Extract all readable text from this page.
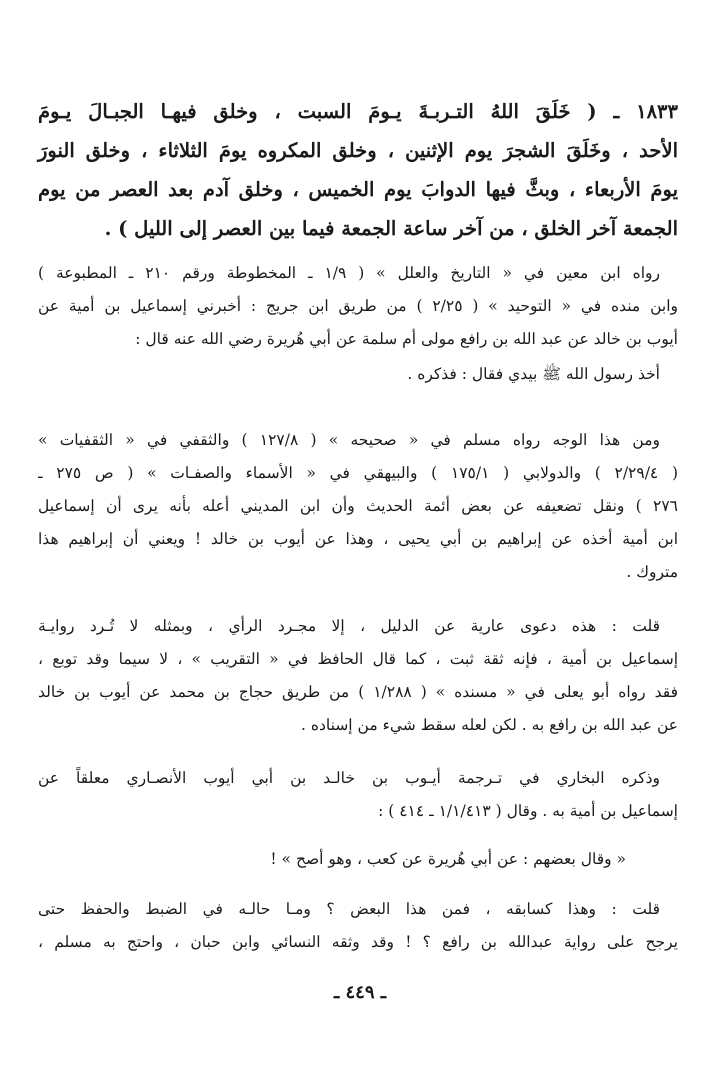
١٨٣٣ ـ ( خَلَقَ اللهُ التـربـةَ يـومَ السبت ، وخلق فيهـا الجبـالَ يـومَ
الأحد ، وخَلَقَ الشجرَ يوم الإثنين ، وخلق المكروه يومَ الثلاثاء ، وخلق النورَ
يومَ الأربعاء ، وبثَّ فيها الدوابَ يوم الخميس ، وخلق آدم بعد العصر من يوم
الجمعة آخر الخلق ، من آخر ساعة الجمعة فيما بين العصر إلى الليل ) .

رواه ابن معين في « التاريخ والعلل » ( ١/٩ ـ المخطوطة ورقم ٢١٠ ـ المطبوعة )
وابن منده في « التوحيد » ( ٢/٢٥ ) من طريق ابن جريج : أخبرني إسماعيل بن أمية عن
أيوب بن خالد عن عبد الله بن رافع مولى أم سلمة عن أبي هُريرة رضي الله عنه قال :
أخذ رسول الله ﷺ بيدي فقال : فذكره .
ومن هذا الوجه رواه مسلم في « صحيحه » ( ١٢٧/٨ ) والثقفي في « الثقفيات »
( ٢/٢٩/٤ ) والدولابي ( ١٧٥/١ ) والبيهقي في « الأسماء والصفـات » ( ص ٢٧٥ ـ
٢٧٦ ) ونقل تضعيفه عن بعض أئمة الحديث وأن ابن المديني أعله بأنه يرى أن إسماعيل
ابن أمية أخذه عن إبراهيم بن أبي يحيى ، وهذا عن أيوب بن خالد ! ويعني أن إبراهيم هذا
متروك .
قلت : هذه دعوى عارية عن الدليل ، إلا مجـرد الرأي ، وبمثله لا تُـرد روايـة
إسماعيل بن أمية ، فإنه ثقة ثبت ، كما قال الحافظ في « التقريب » ، لا سيما وقد توبع ،
فقد رواه أبو يعلى في « مسنده » ( ١/٢٨٨ ) من طريق حجاج بن محمد عن أيوب بن خالد
عن عبد الله بن رافع به . لكن لعله سقط شيء من إسناده .
وذكره البخاري في تـرجمة أيـوب بن خالـد بن أبي أيوب الأنصـاري معلقاً عن
إسماعيل بن أمية به . وقال ( ١/١/٤١٣ ـ ٤١٤ ) :
« وقال بعضهم : عن أبي هُريرة عن كعب ، وهو أصح » !
قلت : وهذا كسابقه ، فمن هذا البعض ؟ ومـا حالـه في الضبط والحفظ حتى
يرجح على رواية عبدالله بن رافع ؟ ! وقد وثقه النسائي وابن حبان ، واحتج به مسلم ،
ـ ٤٤٩ ـ
